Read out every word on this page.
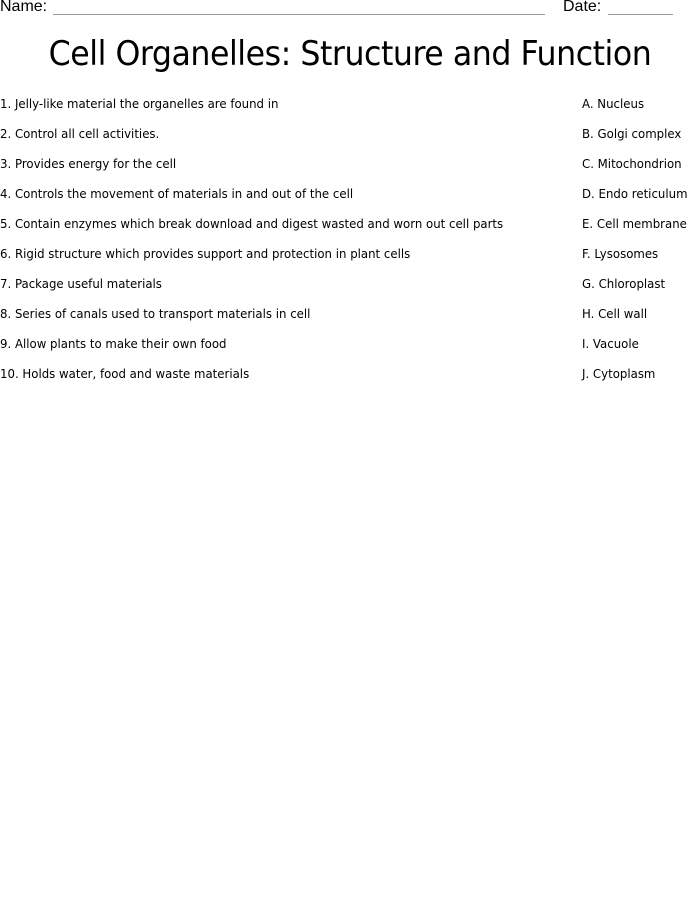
Name:	Date:
Cell Organelles: Structure and Function
1. Jelly-like material the organelles are found in
2. Control all cell activities.
3. Provides energy for the cell
4. Controls the movement of materials in and out of the cell
5. Contain enzymes which break download and digest wasted and worn out cell parts
6. Rigid structure which provides support and protection in plant cells
7. Package useful materials
8. Series of canals used to transport materials in cell
9. Allow plants to make their own food
10. Holds water, food and waste materials
A. Nucleus
B. Golgi complex
C. Mitochondrion
D. Endo reticulum
E. Cell membrane
F. Lysosomes
G. Chloroplast
H. Cell wall
I. Vacuole
J. Cytoplasm
